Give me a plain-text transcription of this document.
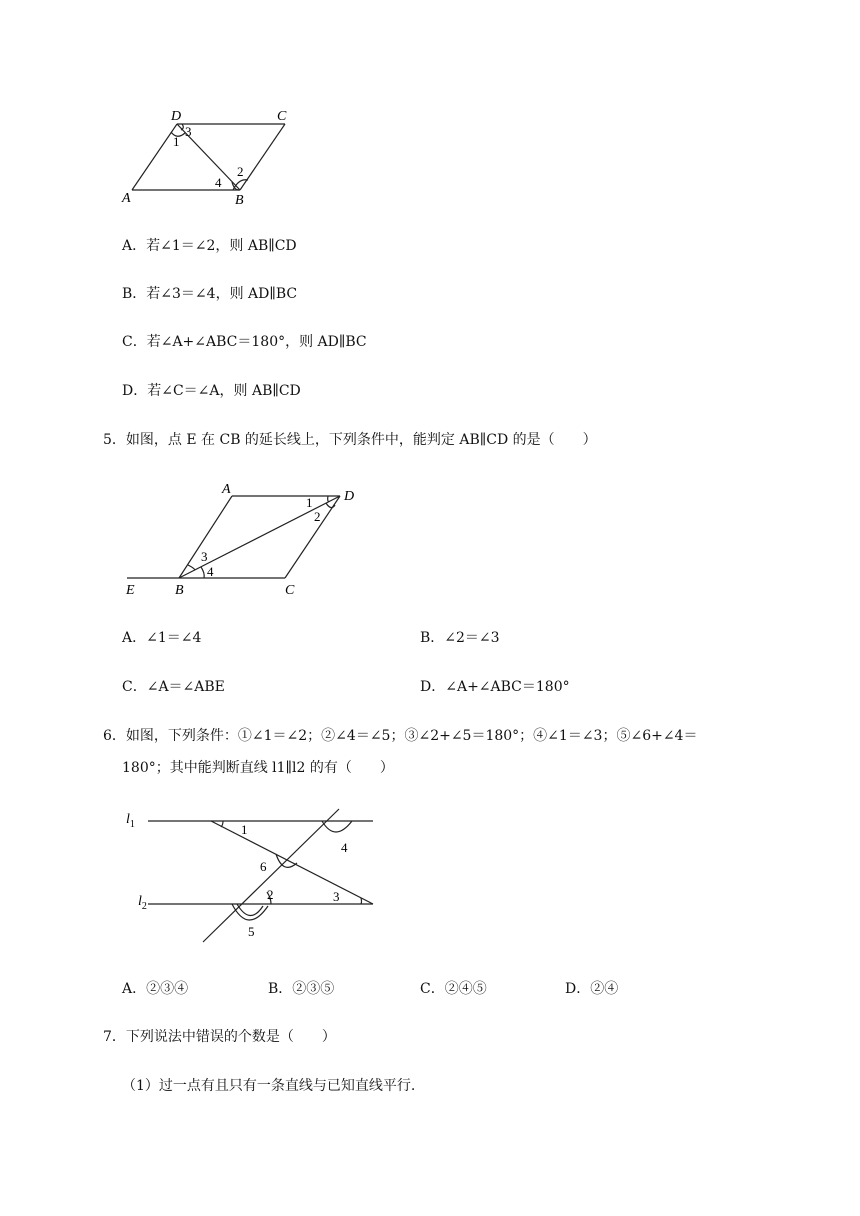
D	C
A	B
1
3
4
2
A．若∠1＝∠2，则 AB∥CD
B．若∠3＝∠4，则 AD∥BC
C．若∠A+∠ABC＝180°，则 AD∥BC
D．若∠C＝∠A，则 AB∥CD
5．如图，点 E 在 CB 的延长线上，下列条件中，能判定 AB∥CD 的是（　　）
A	D
E	B	C
1
2
3
4
A．∠1＝∠4	B．∠2＝∠3
C．∠A＝∠ABE	D．∠A+∠ABC＝180°
6．如图，下列条件：①∠1＝∠2；②∠4＝∠5；③∠2+∠5＝180°；④∠1＝∠3；⑤∠6+∠4＝
180°；其中能判断直线 l1∥l2 的有（　　）
$l_1$
$l_2$
1
4
6
2	3
5
A．②③④	B．②③⑤	C．②④⑤	D．②④
7．下列说法中错误的个数是（　　）
（1）过一点有且只有一条直线与已知直线平行.
